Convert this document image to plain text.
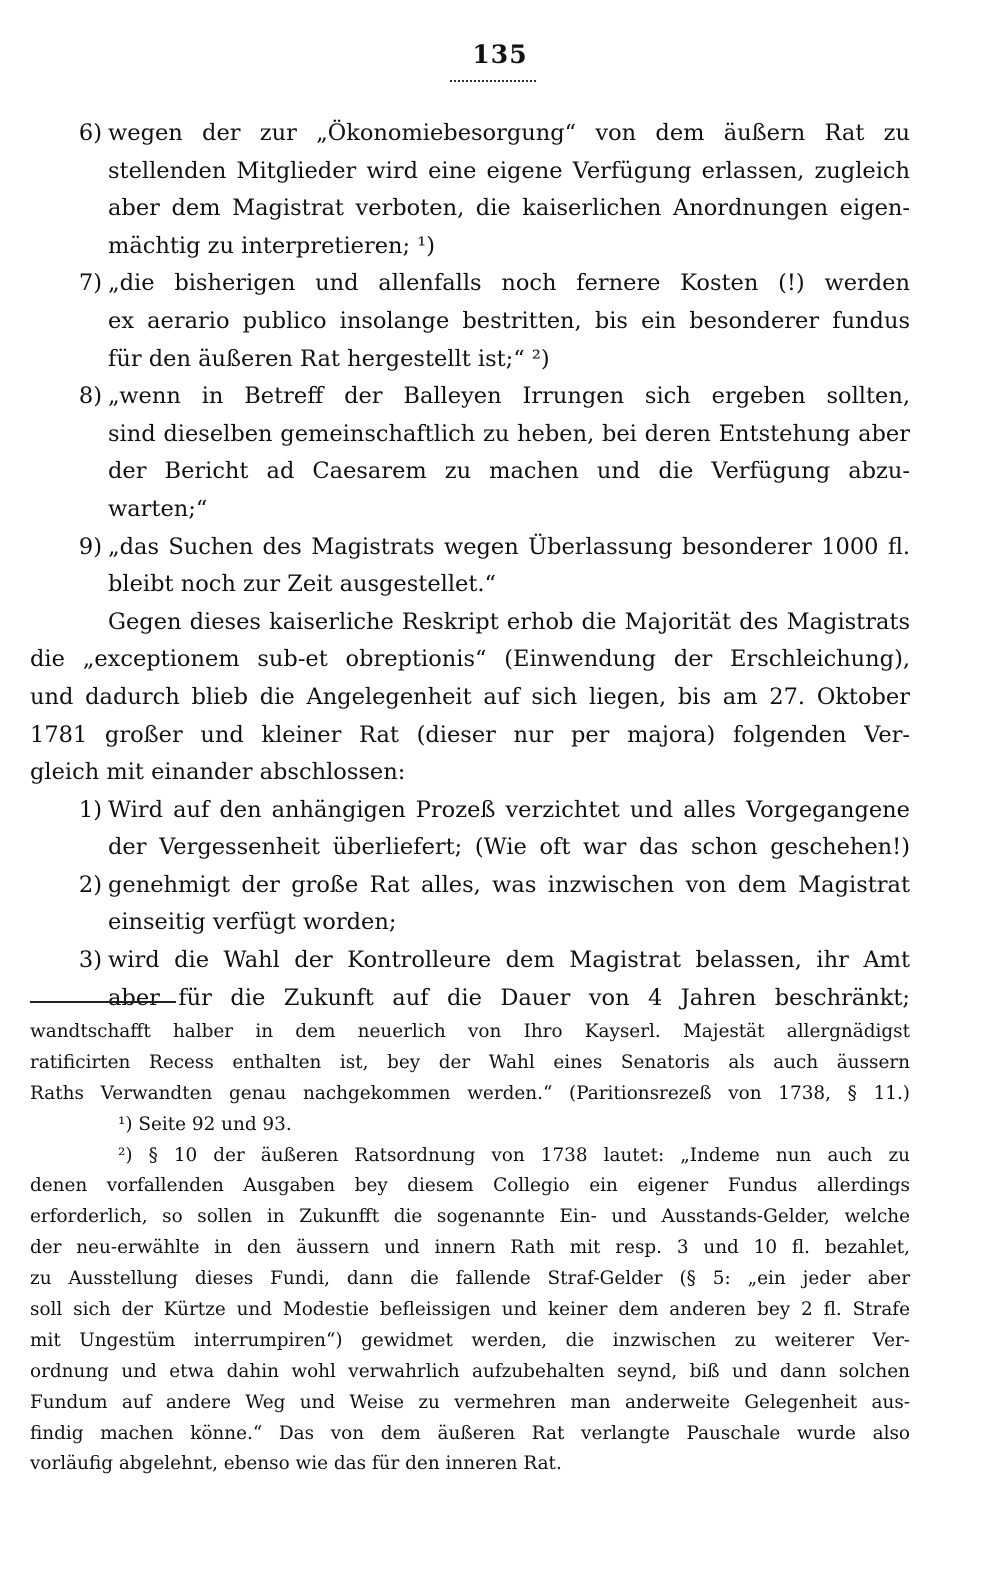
135
6) wegen der zur „Ökonomiebesorgung“ von dem äußern Rat zu
stellenden Mitglieder wird eine eigene Verfügung erlassen, zugleich
aber dem Magistrat verboten, die kaiserlichen Anordnungen eigen-
mächtig zu interpretieren; ¹)
7) „die bisherigen und allenfalls noch fernere Kosten (!) werden
ex aerario publico insolange bestritten, bis ein besonderer fundus
für den äußeren Rat hergestellt ist;“ ²)
8) „wenn in Betreff der Balleyen Irrungen sich ergeben sollten,
sind dieselben gemeinschaftlich zu heben, bei deren Entstehung aber
der Bericht ad Caesarem zu machen und die Verfügung abzu-
warten;“
9) „das Suchen des Magistrats wegen Überlassung besonderer 1000 fl.
bleibt noch zur Zeit ausgestellet.“
Gegen dieses kaiserliche Reskript erhob die Majorität des Magistrats
die „exceptionem sub-et obreptionis“ (Einwendung der Erschleichung),
und dadurch blieb die Angelegenheit auf sich liegen, bis am 27. Oktober
1781 großer und kleiner Rat (dieser nur per majora) folgenden Ver-
gleich mit einander abschlossen:
1) Wird auf den anhängigen Prozeß verzichtet und alles Vorgegangene
der Vergessenheit überliefert; (Wie oft war das schon geschehen!)
2) genehmigt der große Rat alles, was inzwischen von dem Magistrat
einseitig verfügt worden;
3) wird die Wahl der Kontrolleure dem Magistrat belassen, ihr Amt
aber für die Zukunft auf die Dauer von 4 Jahren beschränkt;
wandtschafft halber in dem neuerlich von Ihro Kayserl. Majestät allergnädigst
ratificirten Recess enthalten ist, bey der Wahl eines Senatoris als auch äussern
Raths Verwandten genau nachgekommen werden.“ (Paritionsrezeß von 1738, § 11.)
¹) Seite 92 und 93.
²) § 10 der äußeren Ratsordnung von 1738 lautet: „Indeme nun auch zu
denen vorfallenden Ausgaben bey diesem Collegio ein eigener Fundus allerdings
erforderlich, so sollen in Zukunfft die sogenannte Ein- und Ausstands-Gelder, welche
der neu-erwählte in den äussern und innern Rath mit resp. 3 und 10 fl. bezahlet,
zu Ausstellung dieses Fundi, dann die fallende Straf-Gelder (§ 5: „ein jeder aber
soll sich der Kürtze und Modestie befleissigen und keiner dem anderen bey 2 fl. Strafe
mit Ungestüm interrumpiren“) gewidmet werden, die inzwischen zu weiterer Ver-
ordnung und etwa dahin wohl verwahrlich aufzubehalten seynd, biß und dann solchen
Fundum auf andere Weg und Weise zu vermehren man anderweite Gelegenheit aus-
findig machen könne.“ Das von dem äußeren Rat verlangte Pauschale wurde also
vorläufig abgelehnt, ebenso wie das für den inneren Rat.
